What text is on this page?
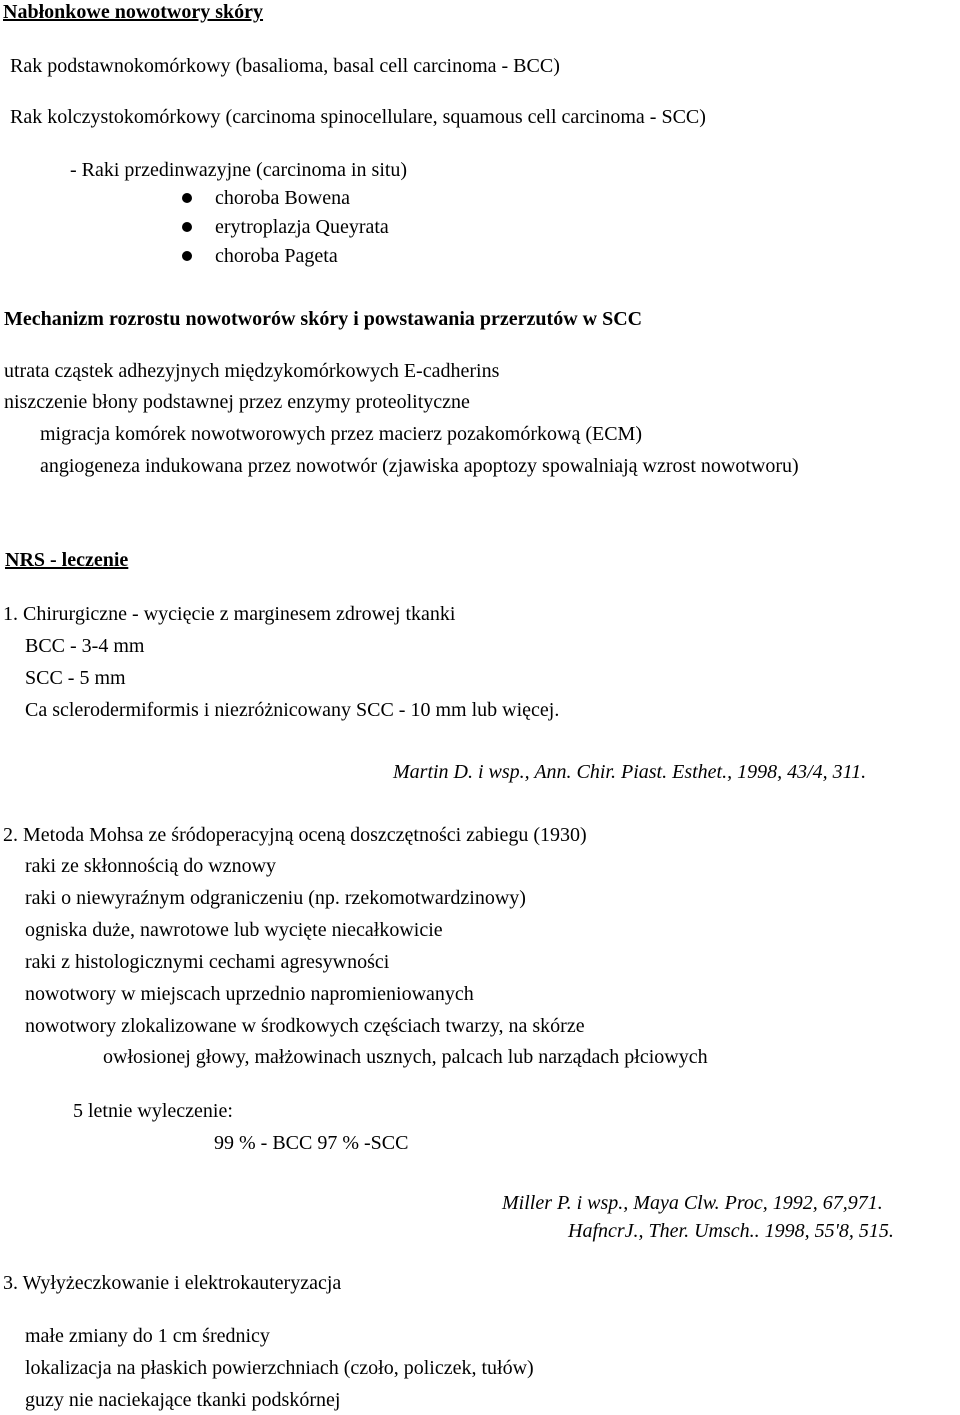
Nabłonkowe nowotwory skóry
Rak podstawnokomórkowy (basalioma, basal cell carcinoma - BCC)
Rak kolczystokomórkowy (carcinoma spinocellulare, squamous cell carcinoma - SCC)
- Raki przedinwazyjne (carcinoma in situ)
choroba Bowena
erytroplazja Queyrata
choroba Pageta
Mechanizm rozrostu nowotworów skóry i powstawania przerzutów w SCC
utrata cząstek adhezyjnych międzykomórkowych E-cadherins
niszczenie błony podstawnej przez enzymy proteolityczne
migracja komórek nowotworowych przez macierz pozakomórkową (ECM)
angiogeneza indukowana przez nowotwór (zjawiska apoptozy spowalniają wzrost nowotworu)
NRS - leczenie
1. Chirurgiczne - wycięcie z marginesem zdrowej tkanki
BCC - 3-4 mm
SCC - 5 mm
Ca sclerodermiformis i niezróżnicowany SCC - 10 mm lub więcej.
Martin D. i wsp., Ann. Chir. Piast. Esthet., 1998, 43/4, 311.
2. Metoda Mohsa ze śródoperacyjną oceną doszczętności zabiegu (1930)
raki ze skłonnością do wznowy
raki o niewyraźnym odgraniczeniu (np. rzekomotwardzinowy)
ogniska duże, nawrotowe lub wycięte niecałkowicie
raki z histologicznymi cechami agresywności
nowotwory w miejscach uprzednio napromieniowanych
nowotwory zlokalizowane w środkowych częściach twarzy, na skórze
owłosionej głowy, małżowinach usznych, palcach lub narządach płciowych
5 letnie wyleczenie:
99 % - BCC 97 % -SCC
Miller P. i wsp., Maya Clw. Proc, 1992, 67,971.
HafncrJ., Ther. Umsch.. 1998, 55'8, 515.
3. Wyłyżeczkowanie i elektrokauteryzacja
małe zmiany do 1 cm średnicy
lokalizacja na płaskich powierzchniach (czoło, policzek, tułów)
guzy nie naciekające tkanki podskórnej
